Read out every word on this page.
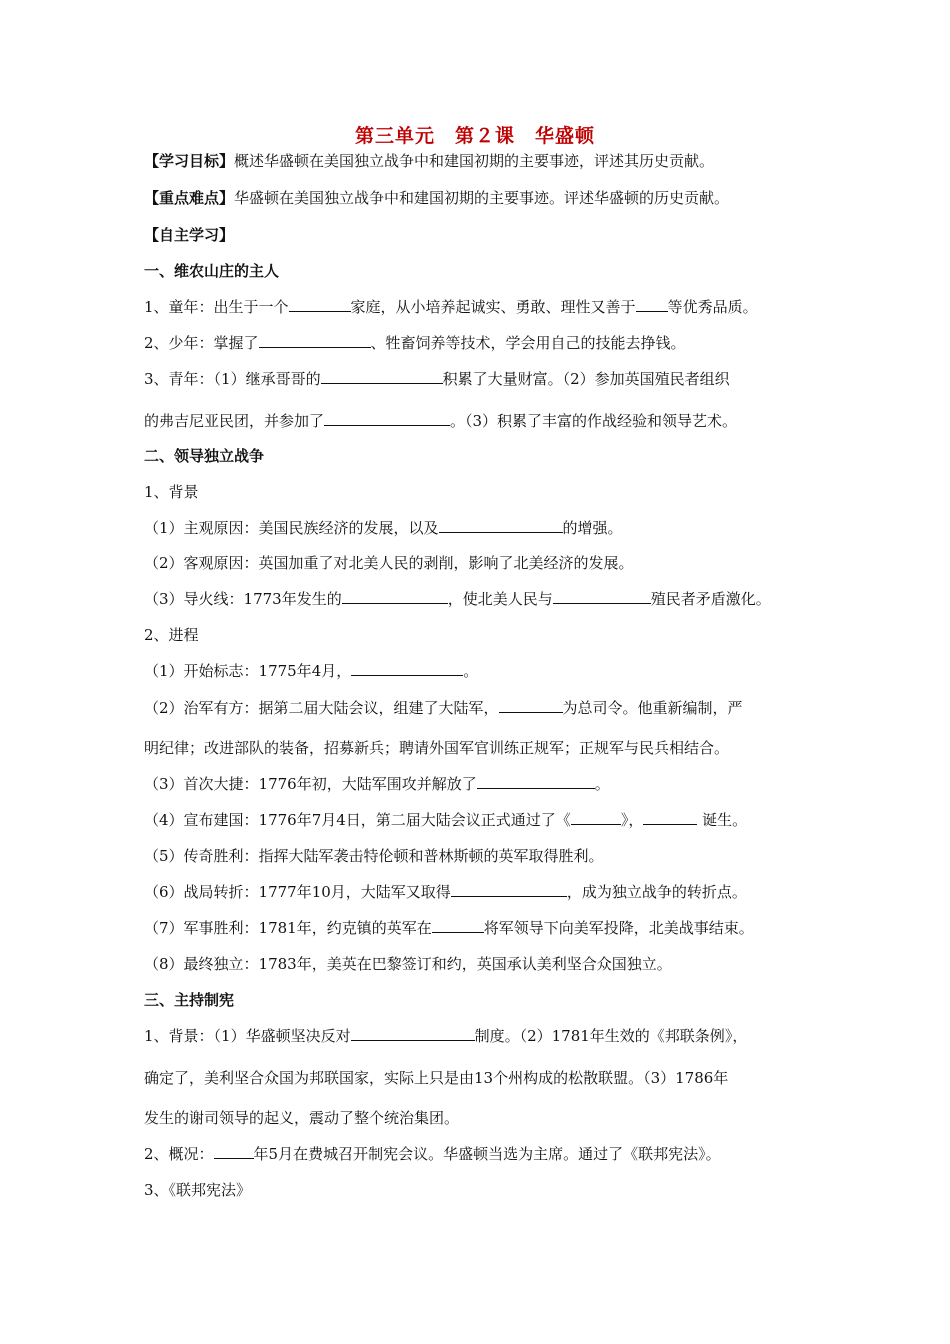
第三单元　第２课　华盛顿
【学习目标】概述华盛顿在美国独立战争中和建国初期的主要事迹，评述其历史贡献。
【重点难点】华盛顿在美国独立战争中和建国初期的主要事迹。评述华盛顿的历史贡献。
【自主学习】
一、维农山庄的主人
1、童年：出生于一个	家庭，从小培养起诚实、勇敢、理性又善于 等优秀品质。
2、少年：掌握了	、牲畜饲养等技术，学会用自己的技能去挣钱。
3、青年：（1）继承哥哥的	积累了大量财富。（2）参加英国殖民者组织
的弗吉尼亚民团，并参加了	。（3）积累了丰富的作战经验和领导艺术。
二、领导独立战争
1、背景
（1）主观原因：美国民族经济的发展，以及	的增强。
（2）客观原因：英国加重了对北美人民的剥削，影响了北美经济的发展。
（3）导火线：1773年发生的	，使北美人民与	殖民者矛盾激化。
2、进程
（1）开始标志：1775年4月，	。
（2）治军有方：据第二届大陆会议，组建了大陆军，	为总司令。他重新编制，严
明纪律；改进部队的装备，招募新兵；聘请外国军官训练正规军；正规军与民兵相结合。
（3）首次大捷：1776年初，大陆军围攻并解放了	。
（4）宣布建国：1776年7月4日，第二届大陆会议正式通过了《	》，	诞生。
（5）传奇胜利：指挥大陆军袭击特伦顿和普林斯顿的英军取得胜利。
（6）战局转折：1777年10月，大陆军又取得	，成为独立战争的转折点。
（7）军事胜利：1781年，约克镇的英军在	将军领导下向美军投降，北美战事结束。
（8）最终独立：1783年，美英在巴黎签订和约，英国承认美利坚合众国独立。
三、主持制宪
1、背景：（1）华盛顿坚决反对	制度。（2）1781年生效的《邦联条例》，
确定了，美利坚合众国为邦联国家，实际上只是由13个州构成的松散联盟。（3）1786年
发生的谢司领导的起义，震动了整个统治集团。
2、概况：	年5月在费城召开制宪会议。华盛顿当选为主席。通过了《联邦宪法》。
3、《联邦宪法》
